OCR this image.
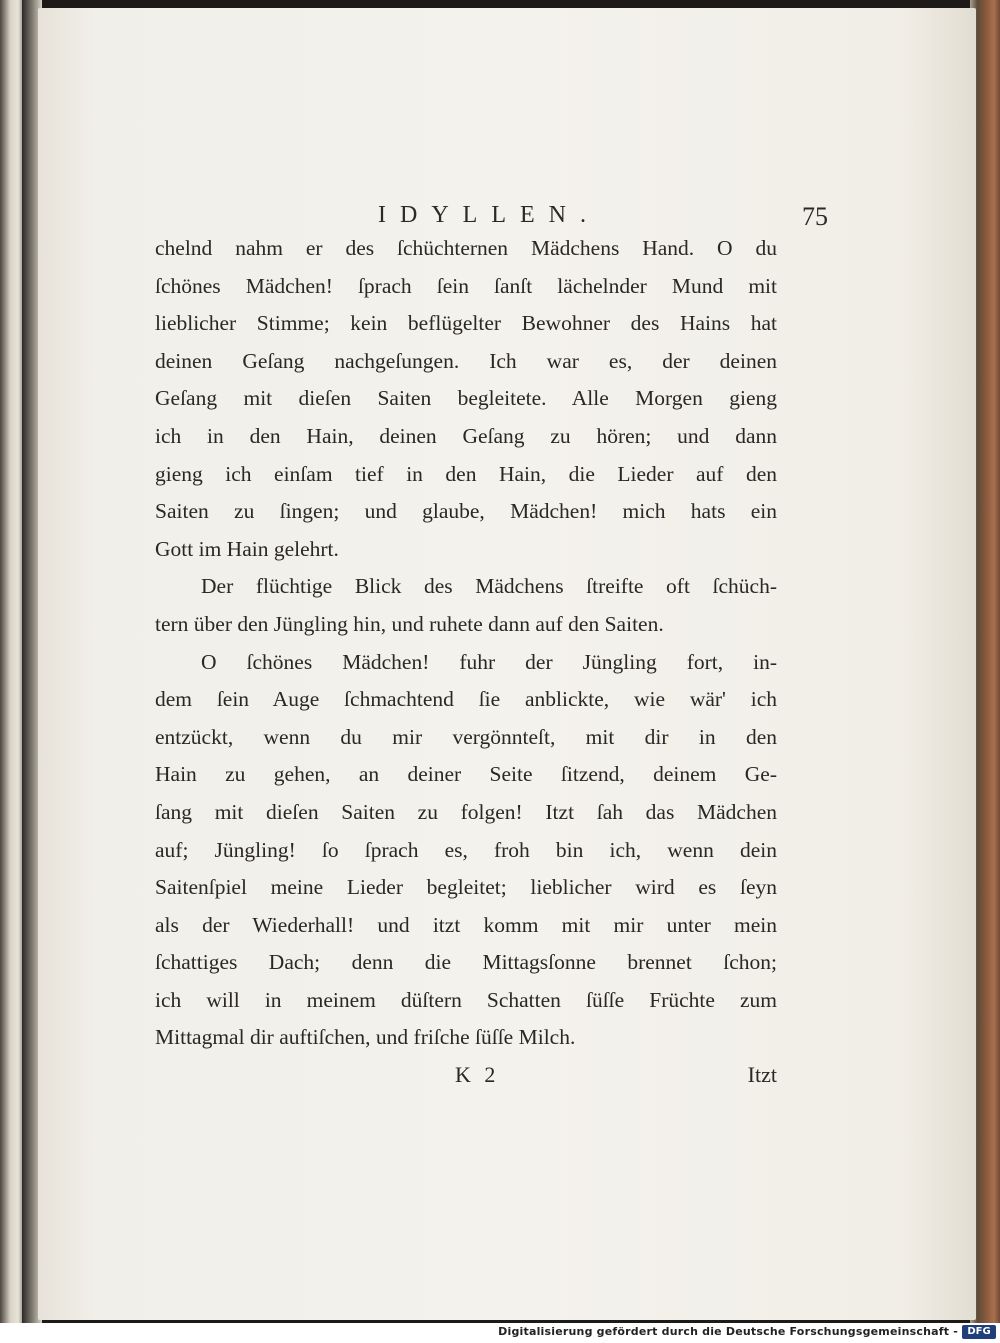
IDYLLEN.	75
chelnd nahm er des ſchüchternen Mädchens Hand. O du
ſchönes Mädchen! ſprach ſein ſanſt lächelnder Mund mit
lieblicher Stimme; kein beflügelter Bewohner des Hains hat
deinen Geſang nachgeſungen. Ich war es, der deinen
Geſang mit dieſen Saiten begleitete. Alle Morgen gieng
ich in den Hain, deinen Geſang zu hören; und dann
gieng ich einſam tief in den Hain, die Lieder auf den
Saiten zu ſingen; und glaube, Mädchen! mich hats ein
Gott im Hain gelehrt.
Der flüchtige Blick des Mädchens ſtreifte oft ſchüch-
tern über den Jüngling hin, und ruhete dann auf den Saiten.
O ſchönes Mädchen! fuhr der Jüngling fort, in-
dem ſein Auge ſchmachtend ſie anblickte, wie wär' ich
entzückt, wenn du mir vergönnteſt, mit dir in den
Hain zu gehen, an deiner Seite ſitzend, deinem Ge-
ſang mit dieſen Saiten zu folgen! Itzt ſah das Mädchen
auf; Jüngling! ſo ſprach es, froh bin ich, wenn dein
Saitenſpiel meine Lieder begleitet; lieblicher wird es ſeyn
als der Wiederhall! und itzt komm mit mir unter mein
ſchattiges Dach; denn die Mittagsſonne brennet ſchon;
ich will in meinem düſtern Schatten ſüſſe Früchte zum
Mittagmal dir auftiſchen, und friſche ſüſſe Milch.
K 2	Itzt
Digitalisierung gefördert durch die Deutsche Forschungsgemeinschaft - DFG
